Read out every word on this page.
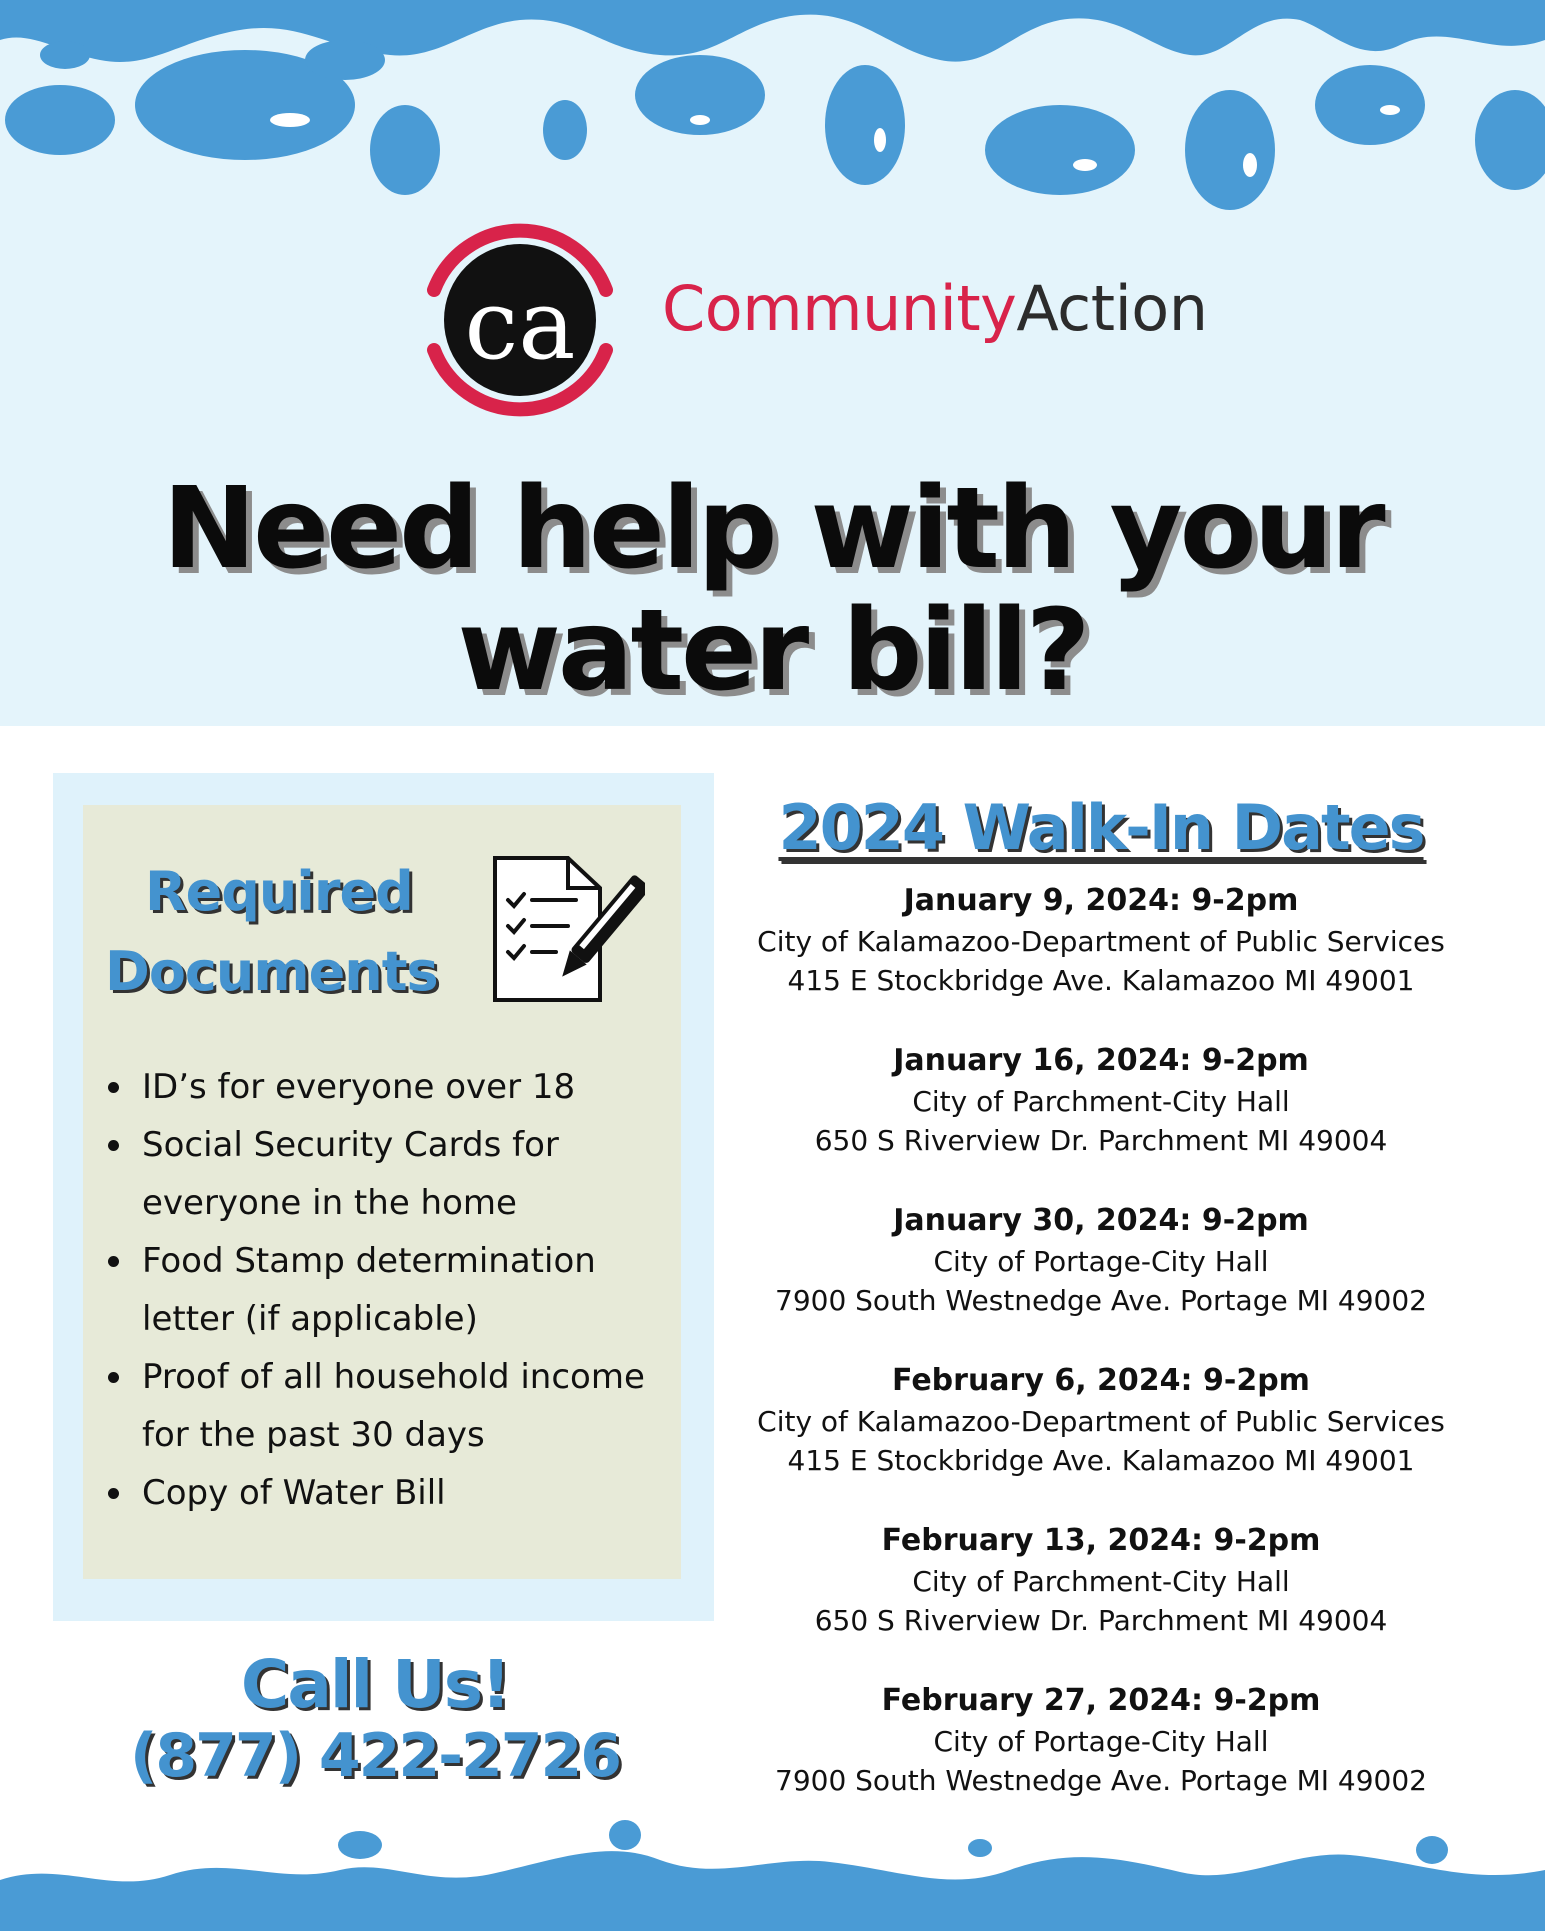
ca CommunityAction
Need help with your
water bill?
Required
Documents
ID’s for everyone over 18
Social Security Cards for everyone in the home
Food Stamp determination letter (if applicable)
Proof of all household income for the past 30 days
Copy of Water Bill
Call Us!
(877) 422-2726
2024 Walk-In Dates
January 9, 2024: 9-2pm
City of Kalamazoo-Department of Public Services
415 E Stockbridge Ave. Kalamazoo MI 49001
January 16, 2024: 9-2pm
City of Parchment-City Hall
650 S Riverview Dr. Parchment MI 49004
January 30, 2024: 9-2pm
City of Portage-City Hall
7900 South Westnedge Ave. Portage MI 49002
February 6, 2024: 9-2pm
City of Kalamazoo-Department of Public Services
415 E Stockbridge Ave. Kalamazoo MI 49001
February 13, 2024: 9-2pm
City of Parchment-City Hall
650 S Riverview Dr. Parchment MI 49004
February 27, 2024: 9-2pm
City of Portage-City Hall
7900 South Westnedge Ave. Portage MI 49002
